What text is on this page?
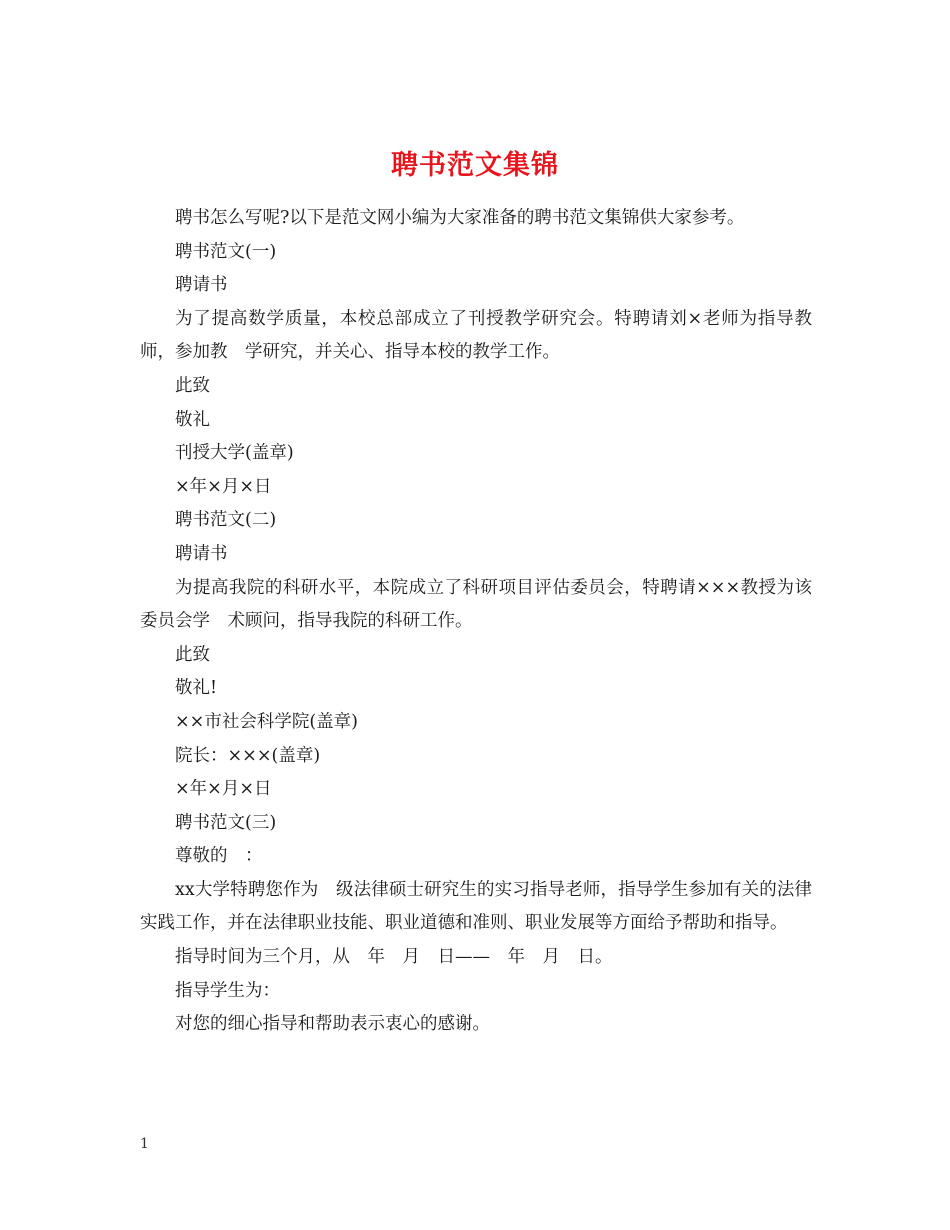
聘书范文集锦

聘书怎么写呢?以下是范文网小编为大家准备的聘书范文集锦供大家参考。

聘书范文(一)

聘请书

为了提高数学质量，本校总部成立了刊授教学研究会。特聘请刘×老师为指导教师，参加教　学研究，并关心、指导本校的教学工作。

此致

敬礼

刊授大学(盖章)

×年×月×日

聘书范文(二)

聘请书

为提高我院的科研水平，本院成立了科研项目评估委员会，特聘请×××教授为该委员会学　术顾问，指导我院的科研工作。

此致

敬礼!

××市社会科学院(盖章)

院长：×××(盖章)

×年×月×日

聘书范文(三)

尊敬的　：

xx大学特聘您作为　级法律硕士研究生的实习指导老师，指导学生参加有关的法律实践工作，并在法律职业技能、职业道德和准则、职业发展等方面给予帮助和指导。

指导时间为三个月，从　年　月　日——　年　月　日。

指导学生为：

对您的细心指导和帮助表示衷心的感谢。

1
